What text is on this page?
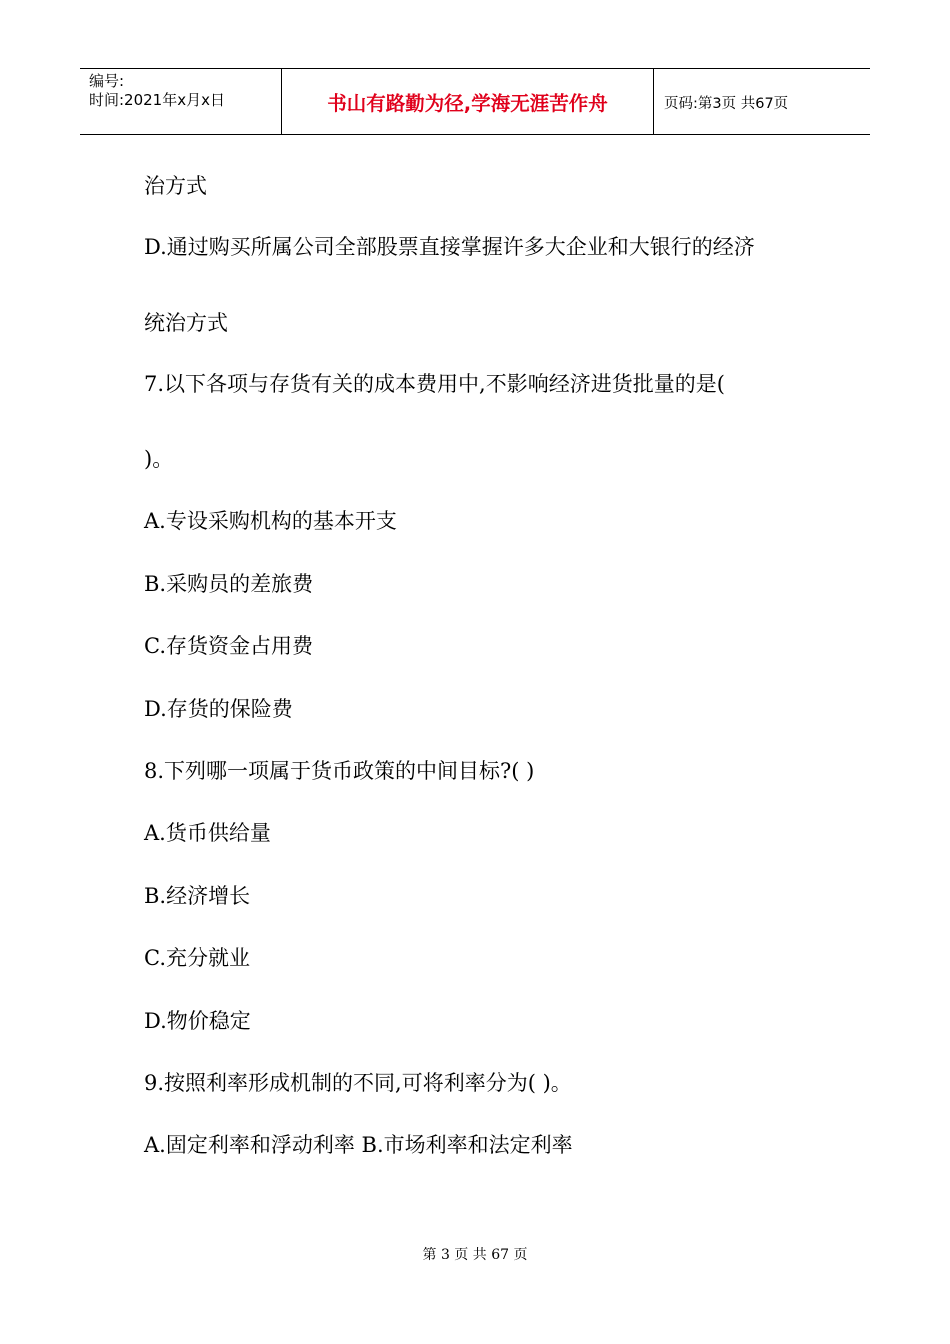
编号:
时间:2021年x月x日	书山有路勤为径,学海无涯苦作舟	页码:第3页 共67页
治方式
D.通过购买所属公司全部股票直接掌握许多大企业和大银行的经济
统治方式
7.以下各项与存货有关的成本费用中,不影响经济进货批量的是(
)。
A.专设采购机构的基本开支
B.采购员的差旅费
C.存货资金占用费
D.存货的保险费
8.下列哪一项属于货币政策的中间目标?( )
A.货币供给量
B.经济增长
C.充分就业
D.物价稳定
9.按照利率形成机制的不同,可将利率分为( )。
A.固定利率和浮动利率 B.市场利率和法定利率
第 3 页 共 67 页
